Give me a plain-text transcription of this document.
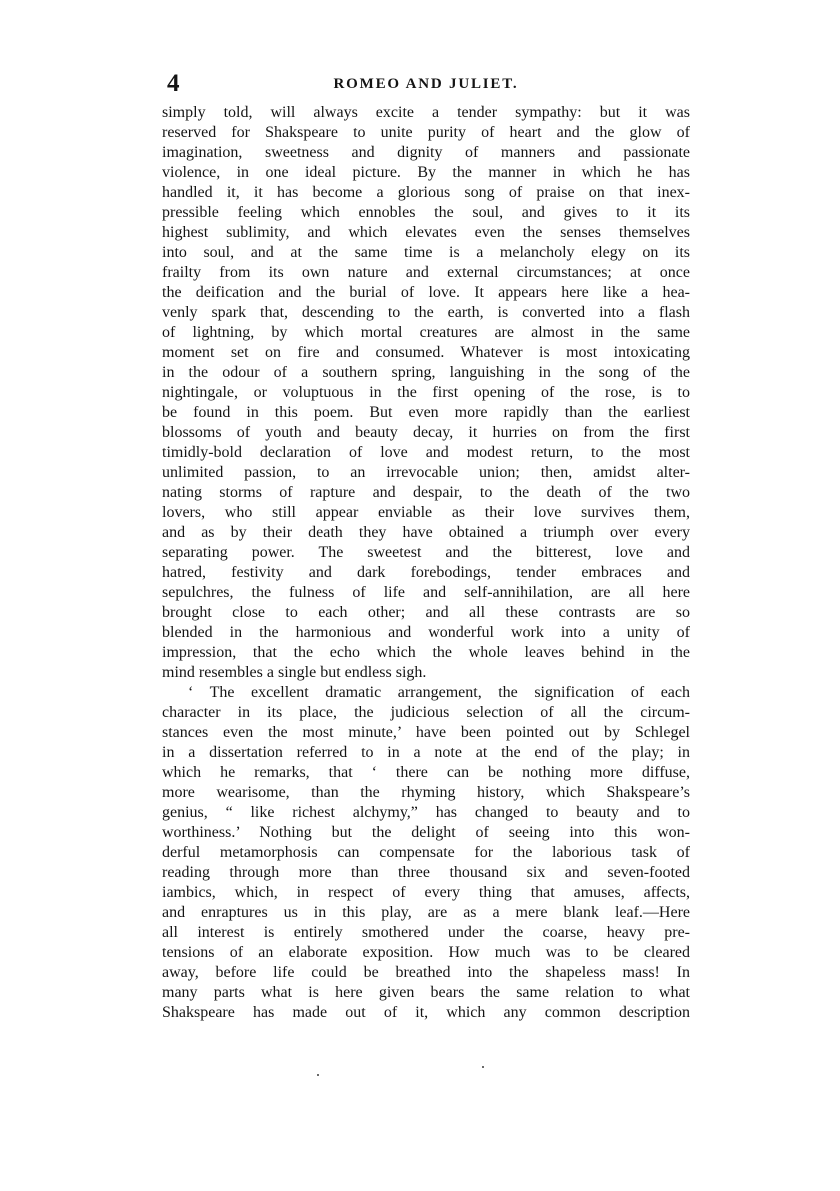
4	ROMEO AND JULIET.
simply told, will always excite a tender sympathy: but it was
reserved for Shakspeare to unite purity of heart and the glow of
imagination, sweetness and dignity of manners and passionate
violence, in one ideal picture. By the manner in which he has
handled it, it has become a glorious song of praise on that inex-
pressible feeling which ennobles the soul, and gives to it its
highest sublimity, and which elevates even the senses themselves
into soul, and at the same time is a melancholy elegy on its
frailty from its own nature and external circumstances; at once
the deification and the burial of love. It appears here like a hea-
venly spark that, descending to the earth, is converted into a flash
of lightning, by which mortal creatures are almost in the same
moment set on fire and consumed. Whatever is most intoxicating
in the odour of a southern spring, languishing in the song of the
nightingale, or voluptuous in the first opening of the rose, is to
be found in this poem. But even more rapidly than the earliest
blossoms of youth and beauty decay, it hurries on from the first
timidly-bold declaration of love and modest return, to the most
unlimited passion, to an irrevocable union; then, amidst alter-
nating storms of rapture and despair, to the death of the two
lovers, who still appear enviable as their love survives them,
and as by their death they have obtained a triumph over every
separating power. The sweetest and the bitterest, love and
hatred, festivity and dark forebodings, tender embraces and
sepulchres, the fulness of life and self-annihilation, are all here
brought close to each other; and all these contrasts are so
blended in the harmonious and wonderful work into a unity of
impression, that the echo which the whole leaves behind in the
mind resembles a single but endless sigh.
‘ The excellent dramatic arrangement, the signification of each
character in its place, the judicious selection of all the circum-
stances even the most minute,’ have been pointed out by Schlegel
in a dissertation referred to in a note at the end of the play; in
which he remarks, that ‘ there can be nothing more diffuse,
more wearisome, than the rhyming history, which Shakspeare’s
genius, “ like richest alchymy,” has changed to beauty and to
worthiness.’ Nothing but the delight of seeing into this won-
derful metamorphosis can compensate for the laborious task of
reading through more than three thousand six and seven-footed
iambics, which, in respect of every thing that amuses, affects,
and enraptures us in this play, are as a mere blank leaf.—Here
all interest is entirely smothered under the coarse, heavy pre-
tensions of an elaborate exposition. How much was to be cleared
away, before life could be breathed into the shapeless mass! In
many parts what is here given bears the same relation to what
Shakspeare has made out of it, which any common description
